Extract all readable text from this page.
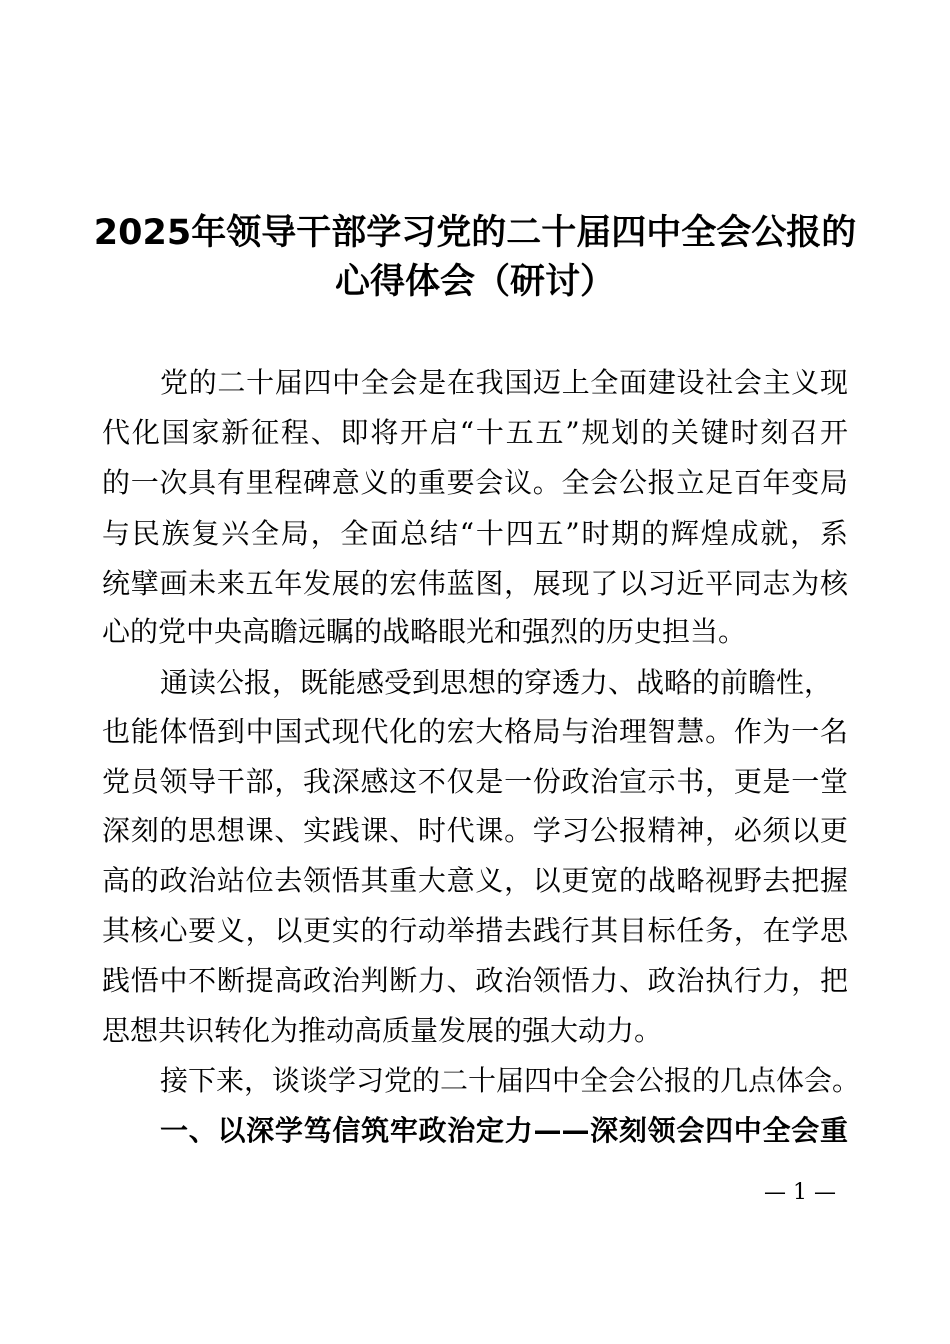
2025年领导干部学习党的二十届四中全会公报的
心得体会（研讨）
党的二十届四中全会是在我国迈上全面建设社会主义现
代化国家新征程、即将开启“十五五”规划的关键时刻召开
的一次具有里程碑意义的重要会议。全会公报立足百年变局
与民族复兴全局，全面总结“十四五”时期的辉煌成就，系
统擘画未来五年发展的宏伟蓝图，展现了以习近平同志为核
心的党中央高瞻远瞩的战略眼光和强烈的历史担当。
通读公报，既能感受到思想的穿透力、战略的前瞻性，
也能体悟到中国式现代化的宏大格局与治理智慧。作为一名
党员领导干部，我深感这不仅是一份政治宣示书，更是一堂
深刻的思想课、实践课、时代课。学习公报精神，必须以更
高的政治站位去领悟其重大意义，以更宽的战略视野去把握
其核心要义，以更实的行动举措去践行其目标任务，在学思
践悟中不断提高政治判断力、政治领悟力、政治执行力，把
思想共识转化为推动高质量发展的强大动力。
接下来，谈谈学习党的二十届四中全会公报的几点体会。
一、以深学笃信筑牢政治定力——深刻领会四中全会重
— 1 —
